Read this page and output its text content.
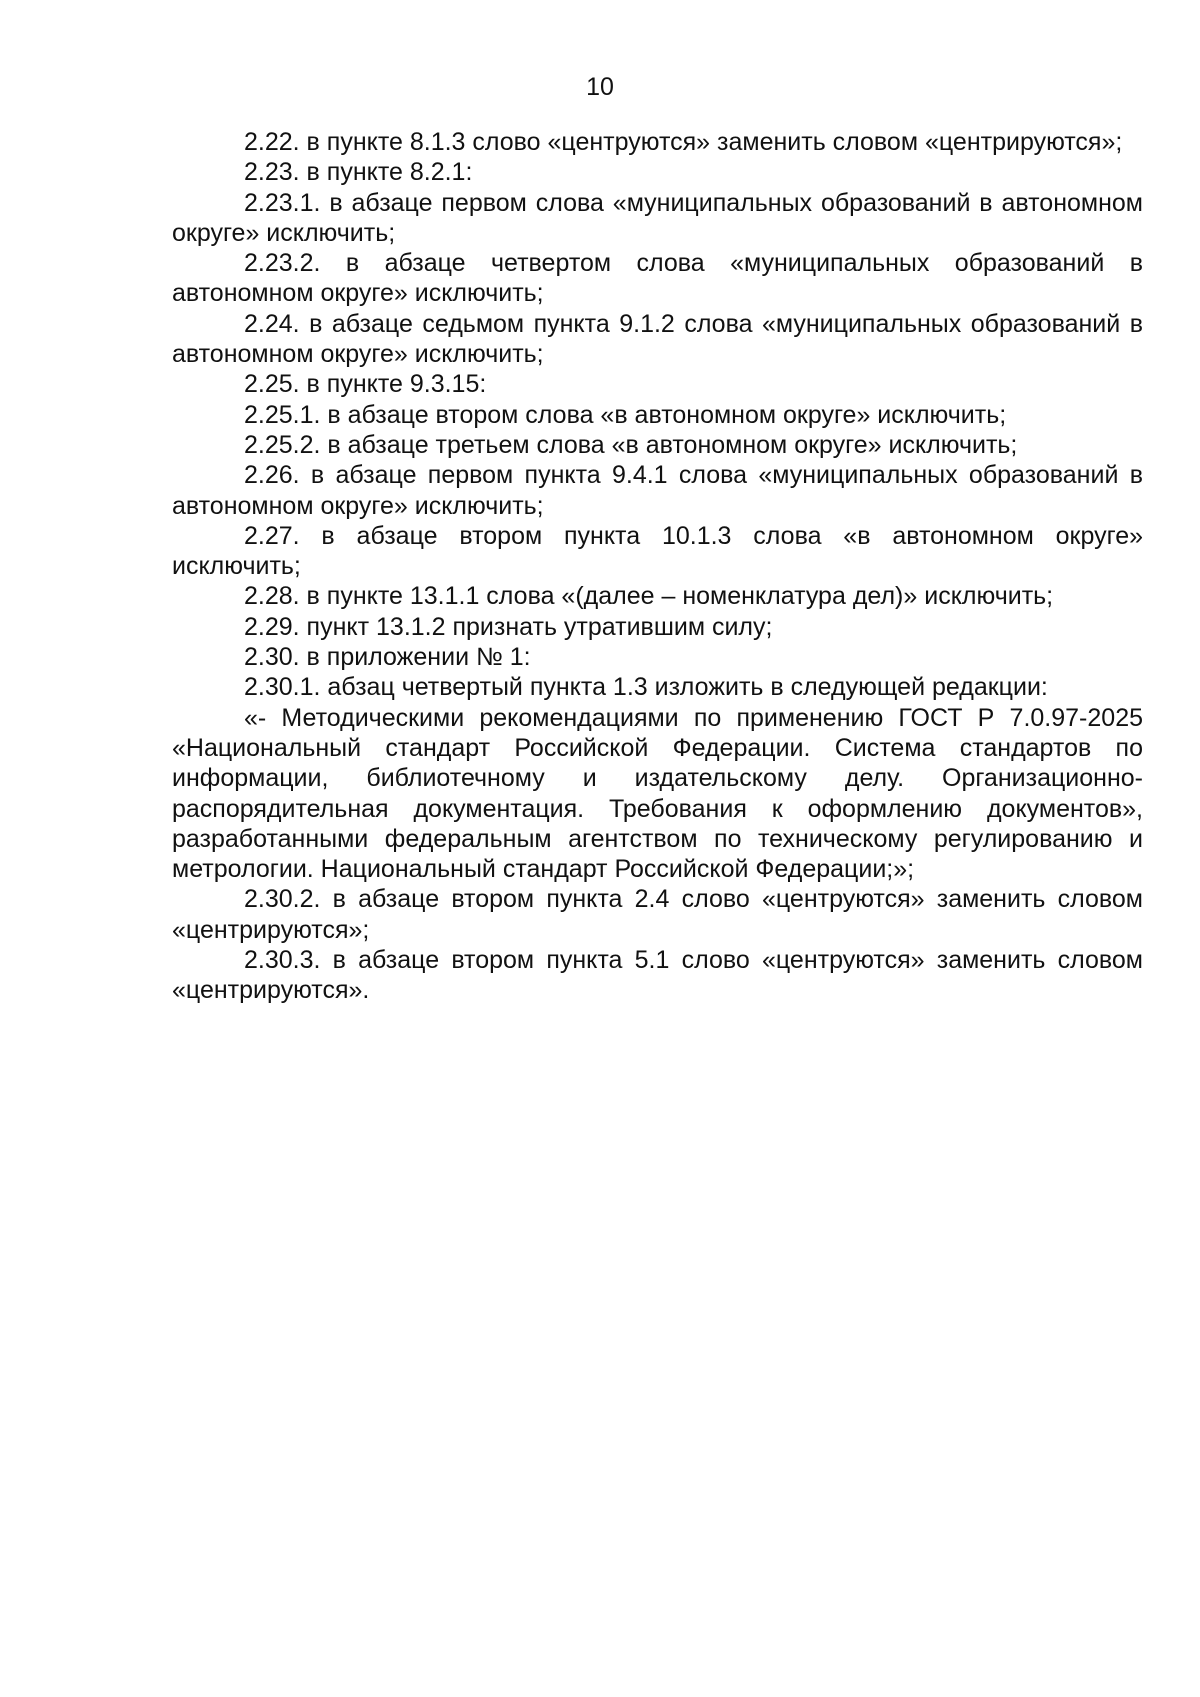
10

2.22. в пункте 8.1.3 слово «центруются» заменить словом «центрируются»;

2.23. в пункте 8.2.1:

2.23.1. в абзаце первом слова «муниципальных образований в автономном округе» исключить;

2.23.2. в абзаце четвертом слова «муниципальных образований в автономном округе» исключить;

2.24. в абзаце седьмом пункта 9.1.2 слова «муниципальных образований в автономном округе» исключить;

2.25. в пункте 9.3.15:

2.25.1. в абзаце втором слова «в автономном округе» исключить;

2.25.2. в абзаце третьем слова «в автономном округе» исключить;

2.26. в абзаце первом пункта 9.4.1 слова «муниципальных образований в автономном округе» исключить;

2.27. в абзаце втором пункта 10.1.3 слова «в автономном округе» исключить;

2.28. в пункте 13.1.1 слова «(далее – номенклатура дел)» исключить;

2.29. пункт 13.1.2 признать утратившим силу;

2.30. в приложении № 1:

2.30.1. абзац четвертый пункта 1.3 изложить в следующей редакции:

«- Методическими рекомендациями по применению ГОСТ Р 7.0.97-2025 «Национальный стандарт Российской Федерации. Система стандартов по информации, библиотечному и издательскому делу. Организационно-распорядительная документация. Требования к оформлению документов», разработанными федеральным агентством по техническому регулированию и метрологии. Национальный стандарт Российской Федерации;»;

2.30.2. в абзаце втором пункта 2.4 слово «центруются» заменить словом «центрируются»;

2.30.3. в абзаце втором пункта 5.1 слово «центруются» заменить словом «центрируются».
